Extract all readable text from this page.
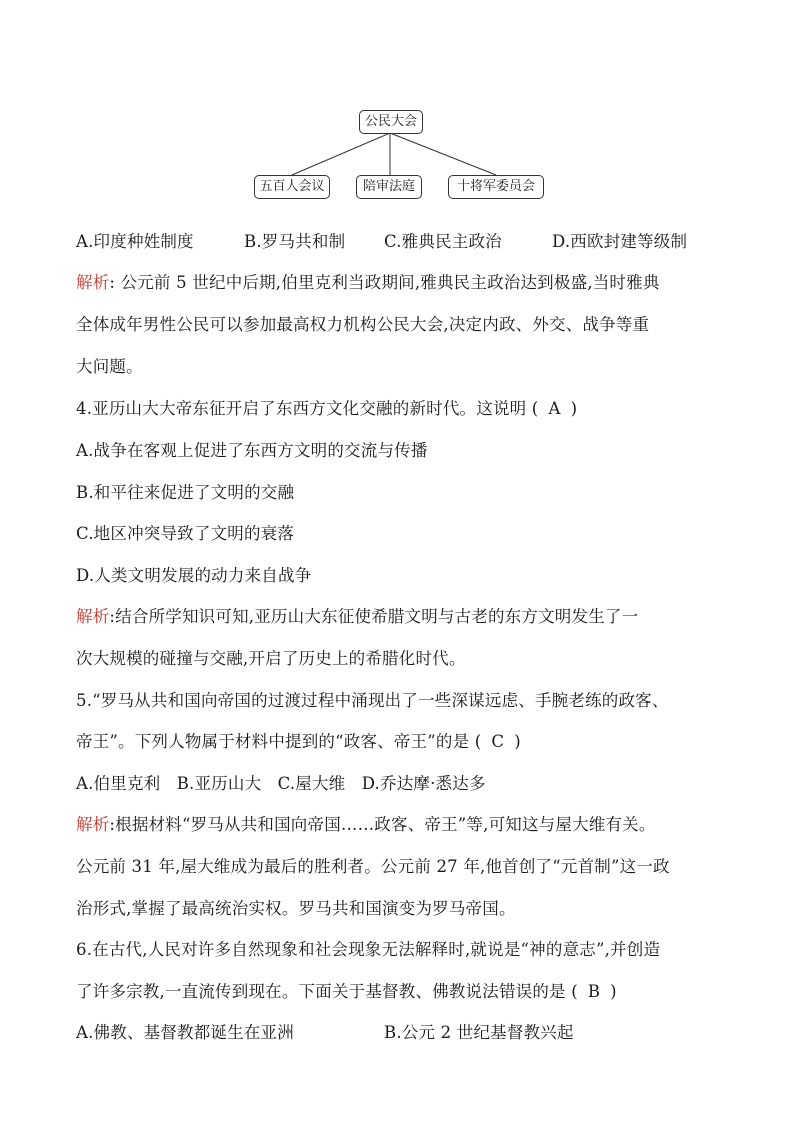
公民大会
五百人会议	陪审法庭	十将军委员会
A.印度种姓制度	B.罗马共和制 C.雅典民主政治	D.西欧封建等级制
解析: 公元前 5 世纪中后期,伯里克利当政期间,雅典民主政治达到极盛,当时雅典
全体成年男性公民可以参加最高权力机构公民大会,决定内政、外交、战争等重
大问题。
4.亚历山大大帝东征开启了东西方文化交融的新时代。这说明 ( A )
A.战争在客观上促进了东西方文明的交流与传播
B.和平往来促进了文明的交融
C.地区冲突导致了文明的衰落
D.人类文明发展的动力来自战争
解析:结合所学知识可知,亚历山大东征使希腊文明与古老的东方文明发生了一
次大规模的碰撞与交融,开启了历史上的希腊化时代。
5.“罗马从共和国向帝国的过渡过程中涌现出了一些深谋远虑、手腕老练的政客、
帝王”。下列人物属于材料中提到的“政客、帝王”的是 ( C )
A.伯里克利   B.亚历山大   C.屋大维   D.乔达摩·悉达多
解析:根据材料“罗马从共和国向帝国……政客、帝王”等,可知这与屋大维有关。
公元前 31 年,屋大维成为最后的胜利者。公元前 27 年,他首创了“元首制”这一政
治形式,掌握了最高统治实权。罗马共和国演变为罗马帝国。
6.在古代,人民对许多自然现象和社会现象无法解释时,就说是“神的意志”,并创造
了许多宗教,一直流传到现在。下面关于基督教、佛教说法错误的是 ( B )
A.佛教、基督教都诞生在亚洲	B.公元 2 世纪基督教兴起
